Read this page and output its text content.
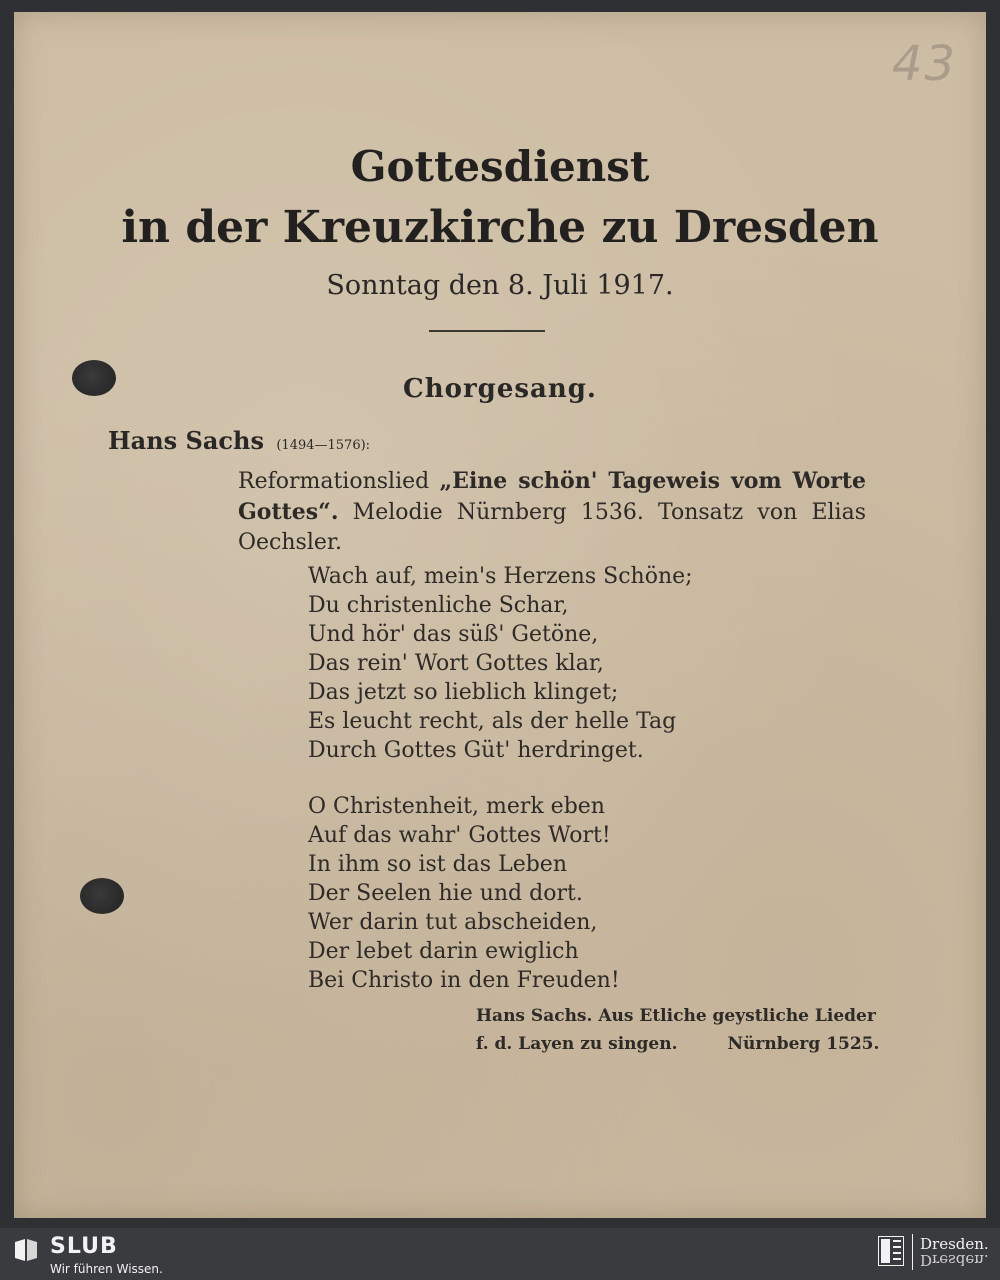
43
Gottesdienst
in der Kreuzkirche zu Dresden

Sonntag den 8. Juli 1917.

Chorgesang.
Hans Sachs (1494—1576):
Reformationslied „Eine schön' Tageweis vom Worte Gottes“. Melodie Nürnberg 1536. Tonsatz von Elias Oechsler.
Wach auf, mein's Herzens Schöne;
Du christenliche Schar,
Und hör' das süß' Getöne,
Das rein' Wort Gottes klar,
Das jetzt so lieblich klinget;
Es leucht recht, als der helle Tag
Durch Gottes Güt' herdringet.
O Christenheit, merk eben
Auf das wahr' Gottes Wort!
In ihm so ist das Leben
Der Seelen hie und dort.
Wer darin tut abscheiden,
Der lebet darin ewiglich
Bei Christo in den Freuden!
Hans Sachs. Aus Etliche geystliche Lieder
f. d. Layen zu singen.	Nürnberg 1525.
SLUB
Wir führen Wissen.
Dresden.
Dresden.
